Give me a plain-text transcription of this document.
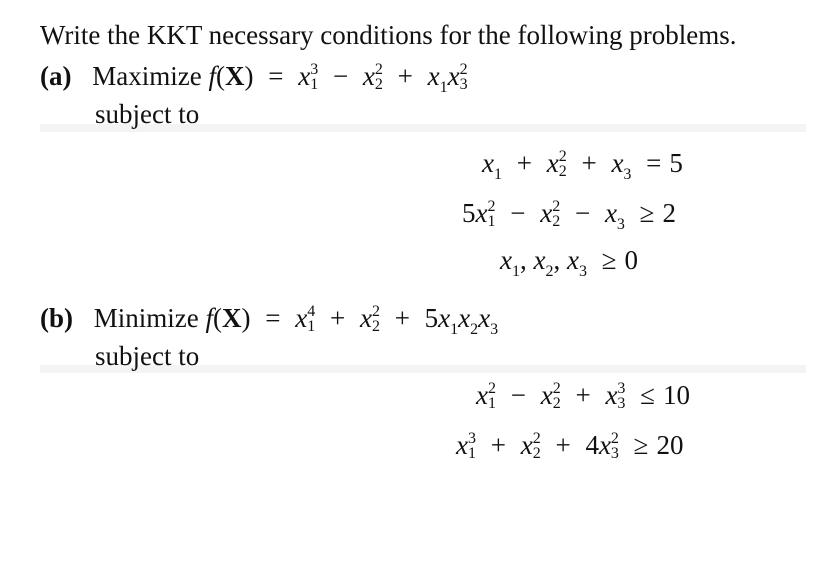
Write the KKT necessary conditions for the following problems.
(a) Maximize f(X) = x 3
1 − x 2
$2 + x_1x$ 2
3
subject to
$x_1 + x$ 2
$2 + x_3 = 5$
5x 2
1 − x 2
$2 - x_3 \ge 2$
$x_1$, $x_2$, $x_3 \ge 0$
(b) Minimize f(X) = x 4
1 + x 2
$2 + 5x_1x_2x_3$
subject to
x 2
1 − x 2
2 + x 3
3 ≤ 10
x 3
1 + x 2
2 + 4x 2
3 ≥ 20
